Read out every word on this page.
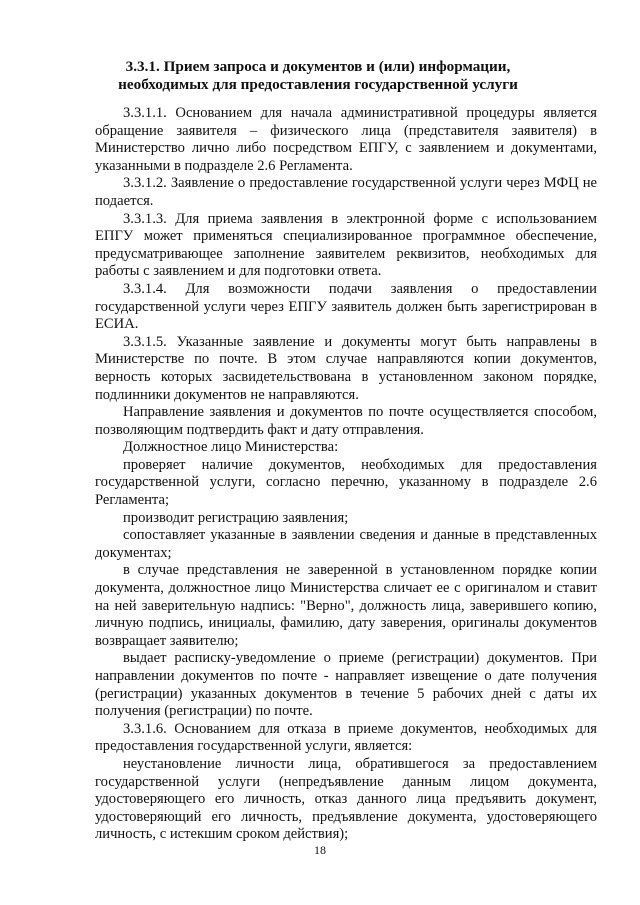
3.3.1. Прием запроса и документов и (или) информации,
необходимых для предоставления государственной услуги

3.3.1.1. Основанием для начала административной процедуры является обращение заявителя – физического лица (представителя заявителя) в Министерство лично либо посредством ЕПГУ, с заявлением и документами, указанными в подразделе 2.6 Регламента.

3.3.1.2. Заявление о предоставление государственной услуги через МФЦ не подается.

3.3.1.3. Для приема заявления в электронной форме с использованием ЕПГУ может применяться специализированное программное обеспечение, предусматривающее заполнение заявителем реквизитов, необходимых для работы с заявлением и для подготовки ответа.

3.3.1.4. Для возможности подачи заявления о предоставлении государственной услуги через ЕПГУ заявитель должен быть зарегистрирован в ЕСИА.

3.3.1.5. Указанные заявление и документы могут быть направлены в Министерстве по почте. В этом случае направляются копии документов, верность которых засвидетельствована в установленном законом порядке, подлинники документов не направляются.

Направление заявления и документов по почте осуществляется способом, позволяющим подтвердить факт и дату отправления.

Должностное лицо Министерства:

проверяет наличие документов, необходимых для предоставления государственной услуги, согласно перечню, указанному в подразделе 2.6 Регламента;

производит регистрацию заявления;

сопоставляет указанные в заявлении сведения и данные в представленных документах;

в случае представления не заверенной в установленном порядке копии документа, должностное лицо Министерства сличает ее с оригиналом и ставит на ней заверительную надпись: "Верно", должность лица, заверившего копию, личную подпись, инициалы, фамилию, дату заверения, оригиналы документов возвращает заявителю;

выдает расписку-уведомление о приеме (регистрации) документов. При направлении документов по почте - направляет извещение о дате получения (регистрации) указанных документов в течение 5 рабочих дней с даты их получения (регистрации) по почте.

3.3.1.6. Основанием для отказа в приеме документов, необходимых для предоставления государственной услуги, является:

неустановление личности лица, обратившегося за предоставлением государственной услуги (непредъявление данным лицом документа, удостоверяющего его личность, отказ данного лица предъявить документ, удостоверяющий его личность, предъявление документа, удостоверяющего личность, с истекшим сроком действия);

18
